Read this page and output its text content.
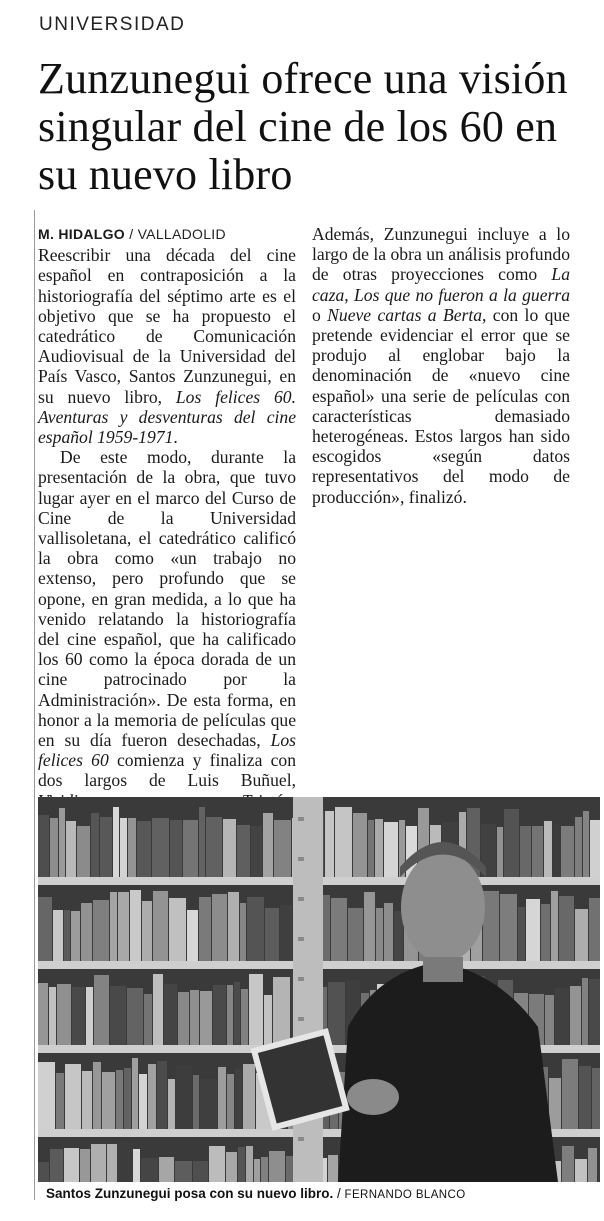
UNIVERSIDAD
Zunzunegui ofrece una visión singular del cine de los 60 en su nuevo libro
M. HIDALGO / VALLADOLID

Reescribir una década del cine español en contraposición a la historiografía del séptimo arte es el objetivo que se ha propuesto el catedrático de Comunicación Audiovisual de la Universidad del País Vasco, Santos Zunzunegui, en su nuevo libro, Los felices 60. Aventuras y desventuras del cine español 1959-1971.

De este modo, durante la presentación de la obra, que tuvo lugar ayer en el marco del Curso de Cine de la Universidad vallisoletana, el catedrático calificó la obra como «un trabajo no extenso, pero profundo que se opone, en gran medida, a lo que ha venido relatando la historiografía del cine español, que ha calificado los 60 como la época dorada de un cine patrocinado por la Administración». De esta forma, en honor a la memoria de películas que en su día fueron desechadas, Los felices 60 comienza y finaliza con dos largos de Luis Buñuel,

Además, Zunzunegui incluye a lo largo de la obra un análisis profundo de otras proyecciones como La caza, Los que no fueron a la guerra o Nueve cartas a Berta, con lo que pretende evidenciar el error que se produjo al englobar bajo la denominación de «nuevo cine español» una serie de películas con características demasiado heterogéneas. Estos largos han sido escogidos «según datos representativos del modo de producción», finalizó.

Santos Zunzunegui posa con su nuevo libro. / FERNANDO BLANCO
